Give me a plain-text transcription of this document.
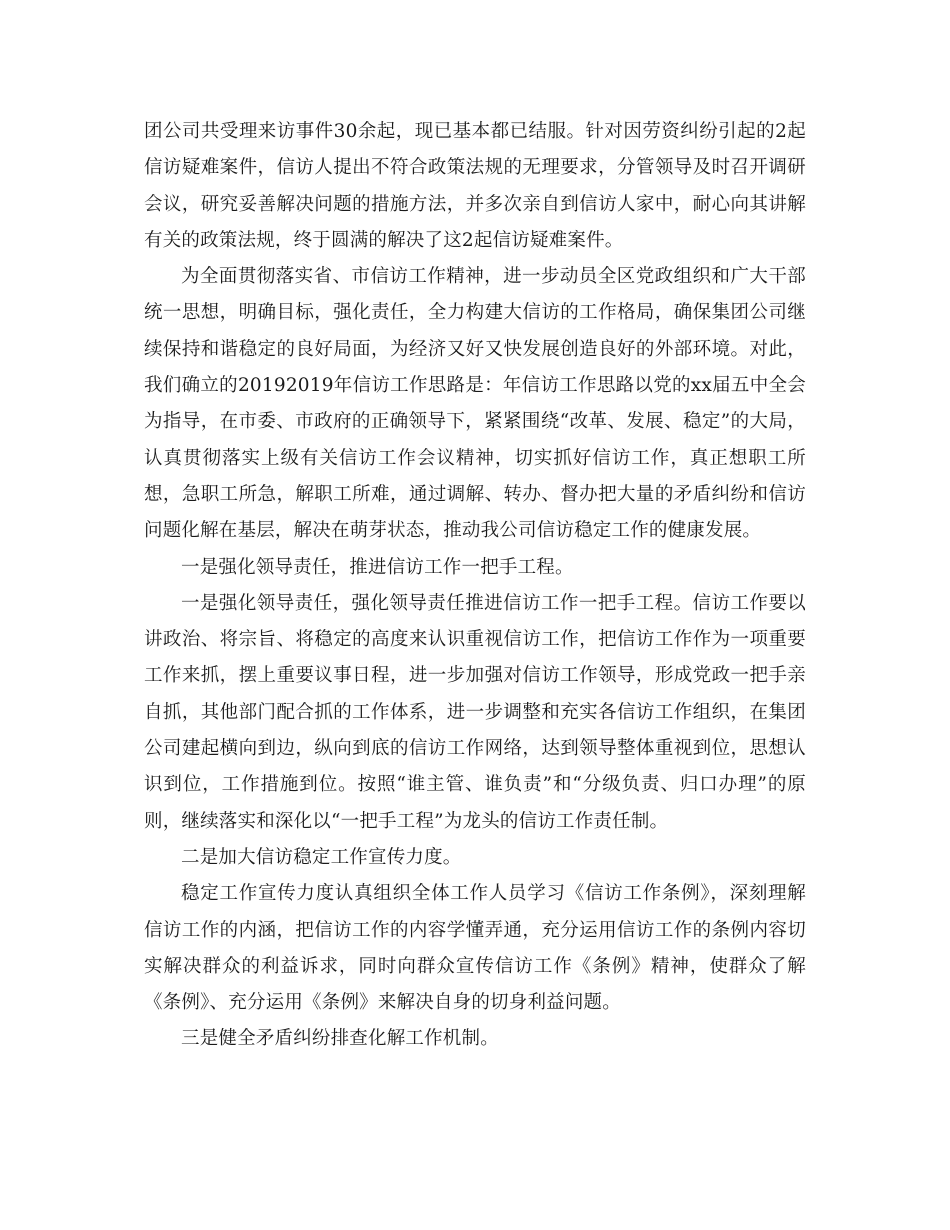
团公司共受理来访事件30余起，现已基本都已结服。针对因劳资纠纷引起的2起信访疑难案件，信访人提出不符合政策法规的无理要求，分管领导及时召开调研会议，研究妥善解决问题的措施方法，并多次亲自到信访人家中，耐心向其讲解有关的政策法规，终于圆满的解决了这2起信访疑难案件。

为全面贯彻落实省、市信访工作精神，进一步动员全区党政组织和广大干部统一思想，明确目标，强化责任，全力构建大信访的工作格局，确保集团公司继续保持和谐稳定的良好局面，为经济又好又快发展创造良好的外部环境。对此，我们确立的20192019年信访工作思路是：年信访工作思路以党的xx届五中全会为指导，在市委、市政府的正确领导下，紧紧围绕“改革、发展、稳定”的大局，认真贯彻落实上级有关信访工作会议精神，切实抓好信访工作，真正想职工所想，急职工所急，解职工所难，通过调解、转办、督办把大量的矛盾纠纷和信访问题化解在基层，解决在萌芽状态，推动我公司信访稳定工作的健康发展。

一是强化领导责任，推进信访工作一把手工程。

一是强化领导责任，强化领导责任推进信访工作一把手工程。信访工作要以讲政治、将宗旨、将稳定的高度来认识重视信访工作，把信访工作作为一项重要工作来抓，摆上重要议事日程，进一步加强对信访工作领导，形成党政一把手亲自抓，其他部门配合抓的工作体系，进一步调整和充实各信访工作组织，在集团公司建起横向到边，纵向到底的信访工作网络，达到领导整体重视到位，思想认识到位，工作措施到位。按照“谁主管、谁负责”和“分级负责、归口办理”的原则，继续落实和深化以“一把手工程”为龙头的信访工作责任制。

二是加大信访稳定工作宣传力度。

稳定工作宣传力度认真组织全体工作人员学习《信访工作条例》，深刻理解信访工作的内涵，把信访工作的内容学懂弄通，充分运用信访工作的条例内容切实解决群众的利益诉求，同时向群众宣传信访工作《条例》精神，使群众了解《条例》、充分运用《条例》来解决自身的切身利益问题。

三是健全矛盾纠纷排查化解工作机制。
